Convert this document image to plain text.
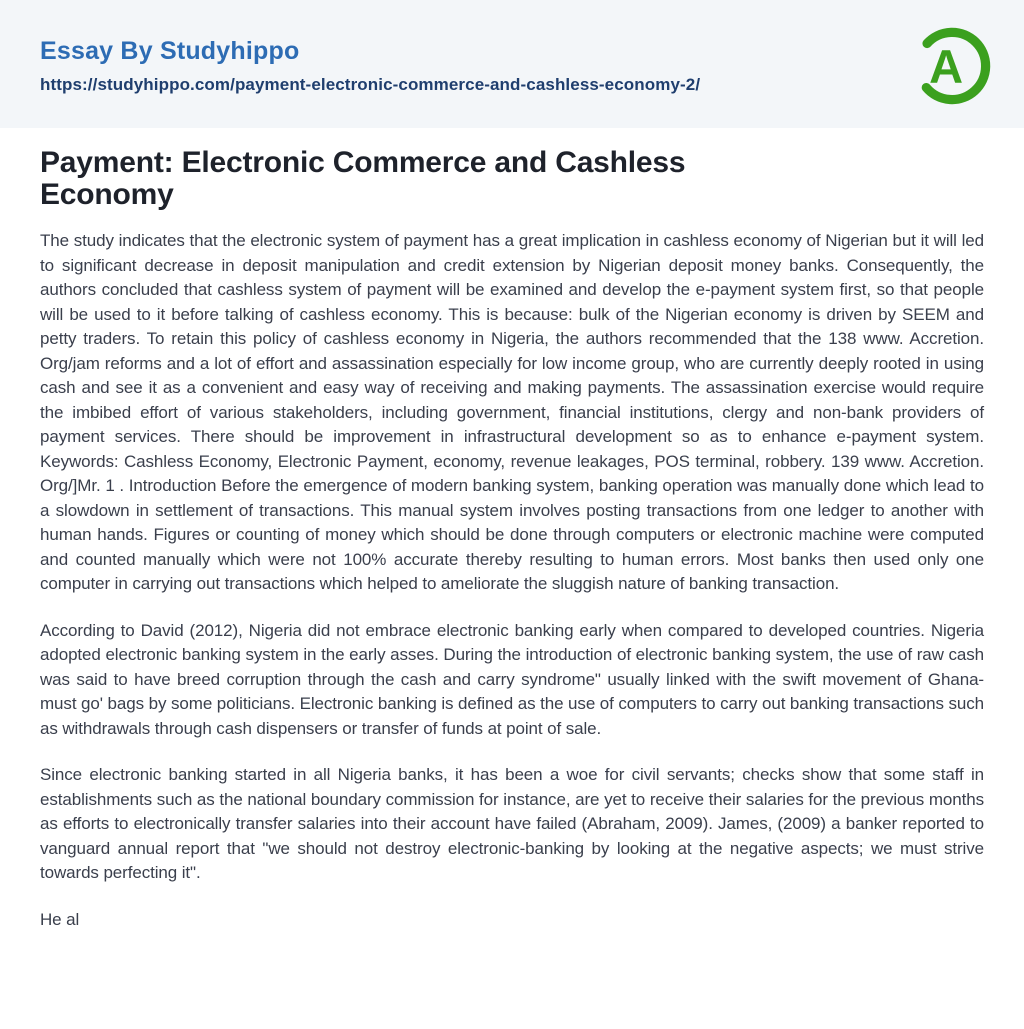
Essay By Studyhippo
https://studyhippo.com/payment-electronic-commerce-and-cashless-economy-2/	A
Payment: Electronic Commerce and Cashless
Economy

The study indicates that the electronic system of payment has a great implication in cashless economy of Nigerian but it will led to significant decrease in deposit manipulation and credit extension by Nigerian deposit money banks. Consequently, the authors concluded that cashless system of payment will be examined and develop the e-payment system first, so that people will be used to it before talking of cashless economy. This is because: bulk of the Nigerian economy is driven by SEEM and petty traders. To retain this policy of cashless economy in Nigeria, the authors recommended that the 138 www. Accretion. Org/jam reforms and a lot of effort and assassination especially for low income group, who are currently deeply rooted in using cash and see it as a convenient and easy way of receiving and making payments. The assassination exercise would require the imbibed effort of various stakeholders, including government, financial institutions, clergy and non-bank providers of payment services. There should be improvement in infrastructural development so as to enhance e-payment system. Keywords: Cashless Economy, Electronic Payment, economy, revenue leakages, POS terminal, robbery. 139 www. Accretion. Org/]Mr. 1 . Introduction Before the emergence of modern banking system, banking operation was manually done which lead to a slowdown in settlement of transactions. This manual system involves posting transactions from one ledger to another with human hands. Figures or counting of money which should be done through computers or electronic machine were computed and counted manually which were not 100% accurate thereby resulting to human errors. Most banks then used only one computer in carrying out transactions which helped to ameliorate the sluggish nature of banking transaction.

According to David (2012), Nigeria did not embrace electronic banking early when compared to developed countries. Nigeria adopted electronic banking system in the early asses. During the introduction of electronic banking system, the use of raw cash was said to have breed corruption through the cash and carry syndrome" usually linked with the swift movement of Ghana-must go' bags by some politicians. Electronic banking is defined as the use of computers to carry out banking transactions such as withdrawals through cash dispensers or transfer of funds at point of sale.

Since electronic banking started in all Nigeria banks, it has been a woe for civil servants; checks show that some staff in establishments such as the national boundary commission for instance, are yet to receive their salaries for the previous months as efforts to electronically transfer salaries into their account have failed (Abraham, 2009). James, (2009) a banker reported to vanguard annual report that "we should not destroy electronic-banking by looking at the negative aspects; we must strive towards perfecting it".

He al
